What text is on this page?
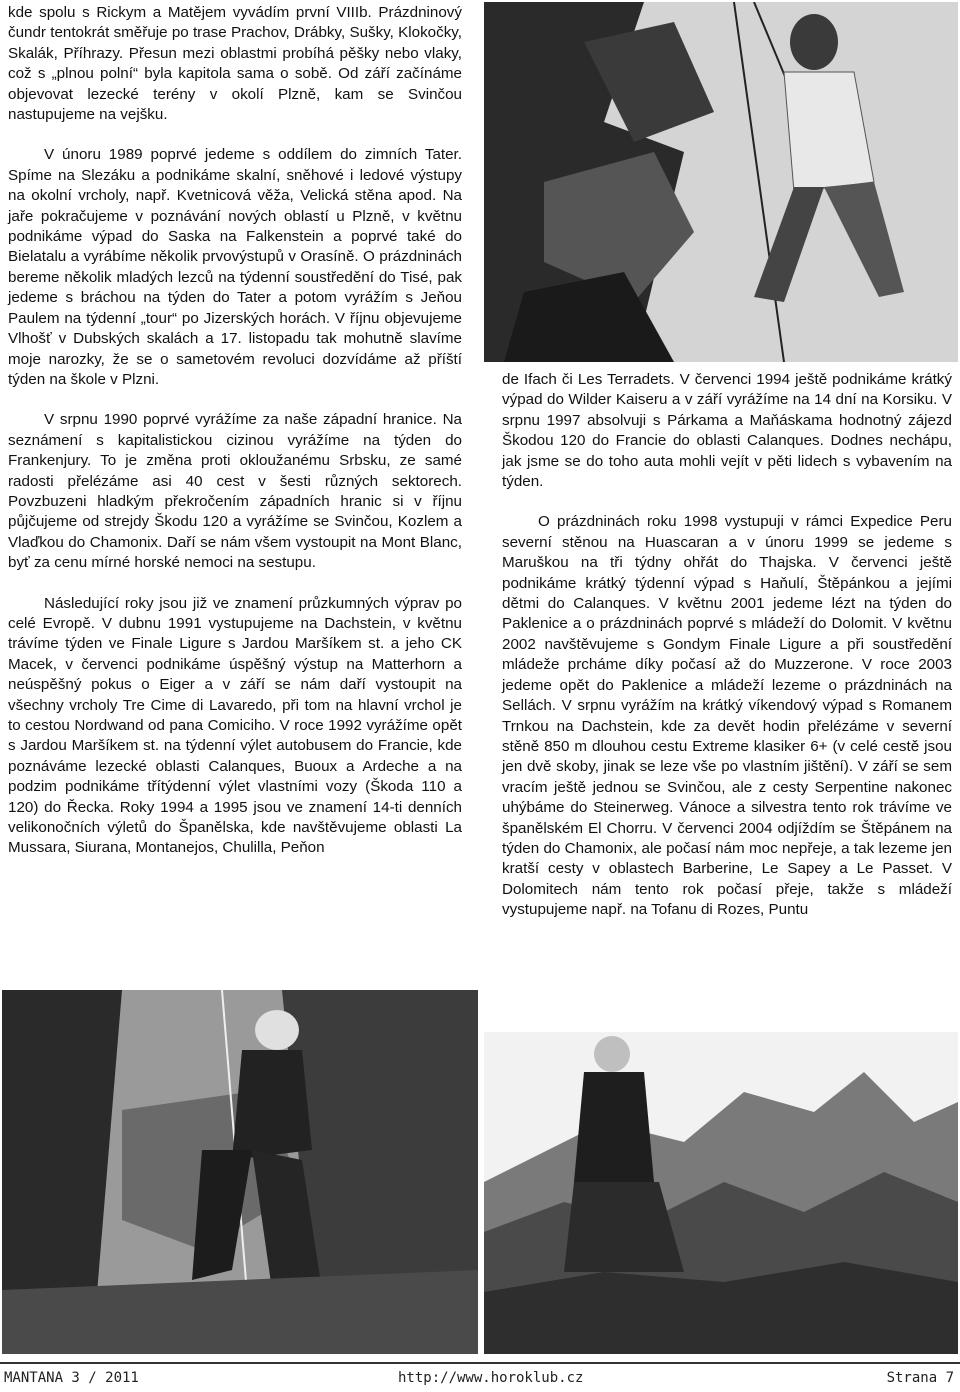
kde spolu s Rickym a Matějem vyvádím první VIIIb. Prázdninový čundr tentokrát směřuje po trase Prachov, Drábky, Sušky, Klokočky, Skalák, Příhrazy. Přesun mezi oblastmi probíhá pěšky nebo vlaky, což s „plnou polní“ byla kapitola sama o sobě. Od září začínáme objevovat lezecké terény v okolí Plzně, kam se Svinčou nastupujeme na vejšku.

V únoru 1989 poprvé jedeme s oddílem do zimních Tater. Spíme na Slezáku a podnikáme skalní, sněhové i ledové výstupy na okolní vrcholy, např. Kvetnicová věža, Velická stěna apod. Na jaře pokračujeme v poznávání nových oblastí u Plzně, v květnu podnikáme výpad do Saska na Falkenstein a poprvé také do Bielatalu a vyrábíme několik prvovýstupů v Orasíně. O prázdninách bereme několik mladých lezců na týdenní soustředění do Tisé, pak jedeme s bráchou na týden do Tater a potom vyrážím s Jeňou Paulem na týdenní „tour“ po Jizerských horách. V říjnu objevujeme Vlhošť v Dubských skalách a 17. listopadu tak mohutně slavíme moje narozky, že se o sametovém revoluci dozvídáme až příští týden na škole v Plzni.

V srpnu 1990 poprvé vyrážíme za naše západní hranice. Na seznámení s kapitalistickou cizinou vyrážíme na týden do Frankenjury. To je změna proti okloužanému Srbsku, ze samé radosti přelézáme asi 40 cest v šesti různých sektorech. Povzbuzeni hladkým překročením západních hranic si v říjnu půjčujeme od strejdy Škodu 120 a vyrážíme se Svinčou, Kozlem a Vlaďkou do Chamonix. Daří se nám všem vystoupit na Mont Blanc, byť za cenu mírné horské nemoci na sestupu.

Následující roky jsou již ve znamení průzkumných výprav po celé Evropě. V dubnu 1991 vystupujeme na Dachstein, v květnu trávíme týden ve Finale Ligure s Jardou Maršíkem st. a jeho CK Macek, v červenci podnikáme úspěšný výstup na Matterhorn a neúspěšný pokus o Eiger a v září se nám daří vystoupit na všechny vrcholy Tre Cime di Lavaredo, při tom na hlavní vrchol je to cestou Nordwand od pana Comiciho. V roce 1992 vyrážíme opět s Jardou Maršíkem st. na týdenní výlet autobusem do Francie, kde poznáváme lezecké oblasti Calanques, Buoux a Ardeche a na podzim podnikáme třítýdenní výlet vlastními vozy (Škoda 110 a 120) do Řecka. Roky 1994 a 1995 jsou ve znamení 14-ti denních velikonočních výletů do Španělska, kde navštěvujeme oblasti La Mussara, Siurana, Montanejos, Chulilla, Peňon

de Ifach či Les Terradets. V červenci 1994 ještě podnikáme krátký výpad do Wilder Kaiseru a v září vyrážíme na 14 dní na Korsiku. V srpnu 1997 absolvuji s Párkama a Maňáskama hodnotný zájezd Škodou 120 do Francie do oblasti Calanques. Dodnes nechápu, jak jsme se do toho auta mohli vejít v pěti lidech s vybavením na týden.

O prázdninách roku 1998 vystupuji v rámci Expedice Peru severní stěnou na Huascaran a v únoru 1999 se jedeme s Maruškou na tři týdny ohřát do Thajska. V červenci ještě podnikáme krátký týdenní výpad s Haňulí, Štěpánkou a jejími dětmi do Calanques. V květnu 2001 jedeme lézt na týden do Paklenice a o prázdninách poprvé s mládeží do Dolomit. V květnu 2002 navštěvujeme s Gondym Finale Ligure a při soustředění mládeže prcháme díky počasí až do Muzzerone. V roce 2003 jedeme opět do Paklenice a mládeží lezeme o prázdninách na Sellách. V srpnu vyrážím na krátký víkendový výpad s Romanem Trnkou na Dachstein, kde za devět hodin přelézáme v severní stěně 850 m dlouhou cestu Extreme klasiker 6+ (v celé cestě jsou jen dvě skoby, jinak se leze vše po vlastním jištění). V září se sem vracím ještě jednou se Svinčou, ale z cesty Serpentine nakonec uhýbáme do Steinerweg. Vánoce a silvestra tento rok trávíme ve španělském El Chorru. V červenci 2004 odjíždím se Štěpánem na týden do Chamonix, ale počasí nám moc nepřeje, a tak lezeme jen kratší cesty v oblastech Barberine, Le Sapey a Le Passet. V Dolomitech nám tento rok počasí přeje, takže s mládeží vystupujeme např. na Tofanu di Rozes, Puntu

MANTANA 3 / 2011	http://www.horoklub.cz	Strana 7
